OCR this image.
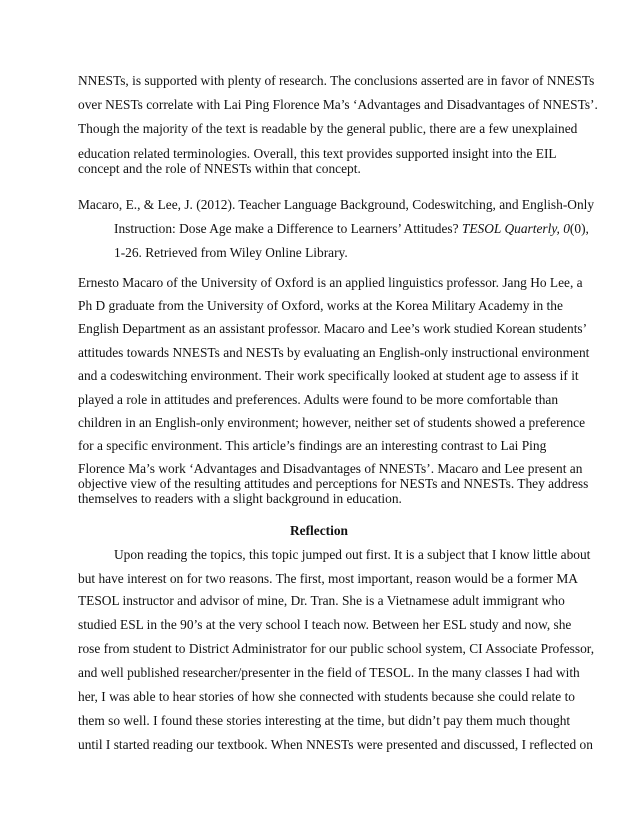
NNESTs, is supported with plenty of research. The conclusions asserted are in favor of NNESTs
over NESTs correlate with Lai Ping Florence Ma’s ‘Advantages and Disadvantages of NNESTs’.
Though the majority of the text is readable by the general public, there are a few unexplained
education related terminologies. Overall, this text provides supported insight into the EIL
concept and the role of NNESTs within that concept.
Macaro, E., & Lee, J. (2012). Teacher Language Background, Codeswitching, and English-Only
Instruction: Dose Age make a Difference to Learners’ Attitudes? TESOL Quarterly, 0(0),
1-26. Retrieved from Wiley Online Library.
Ernesto Macaro of the University of Oxford is an applied linguistics professor. Jang Ho Lee, a
Ph D graduate from the University of Oxford, works at the Korea Military Academy in the
English Department as an assistant professor. Macaro and Lee’s work studied Korean students’
attitudes towards NNESTs and NESTs by evaluating an English-only instructional environment
and a codeswitching environment. Their work specifically looked at student age to assess if it
played a role in attitudes and preferences. Adults were found to be more comfortable than
children in an English-only environment; however, neither set of students showed a preference
for a specific environment. This article’s findings are an interesting contrast to Lai Ping
Florence Ma’s work ‘Advantages and Disadvantages of NNESTs’. Macaro and Lee present an
objective view of the resulting attitudes and perceptions for NESTs and NNESTs. They address
themselves to readers with a slight background in education.
Reflection
Upon reading the topics, this topic jumped out first. It is a subject that I know little about
but have interest on for two reasons. The first, most important, reason would be a former MA
TESOL instructor and advisor of mine, Dr. Tran. She is a Vietnamese adult immigrant who
studied ESL in the 90’s at the very school I teach now. Between her ESL study and now, she
rose from student to District Administrator for our public school system, CI Associate Professor,
and well published researcher/presenter in the field of TESOL. In the many classes I had with
her, I was able to hear stories of how she connected with students because she could relate to
them so well. I found these stories interesting at the time, but didn’t pay them much thought
until I started reading our textbook. When NNESTs were presented and discussed, I reflected on
